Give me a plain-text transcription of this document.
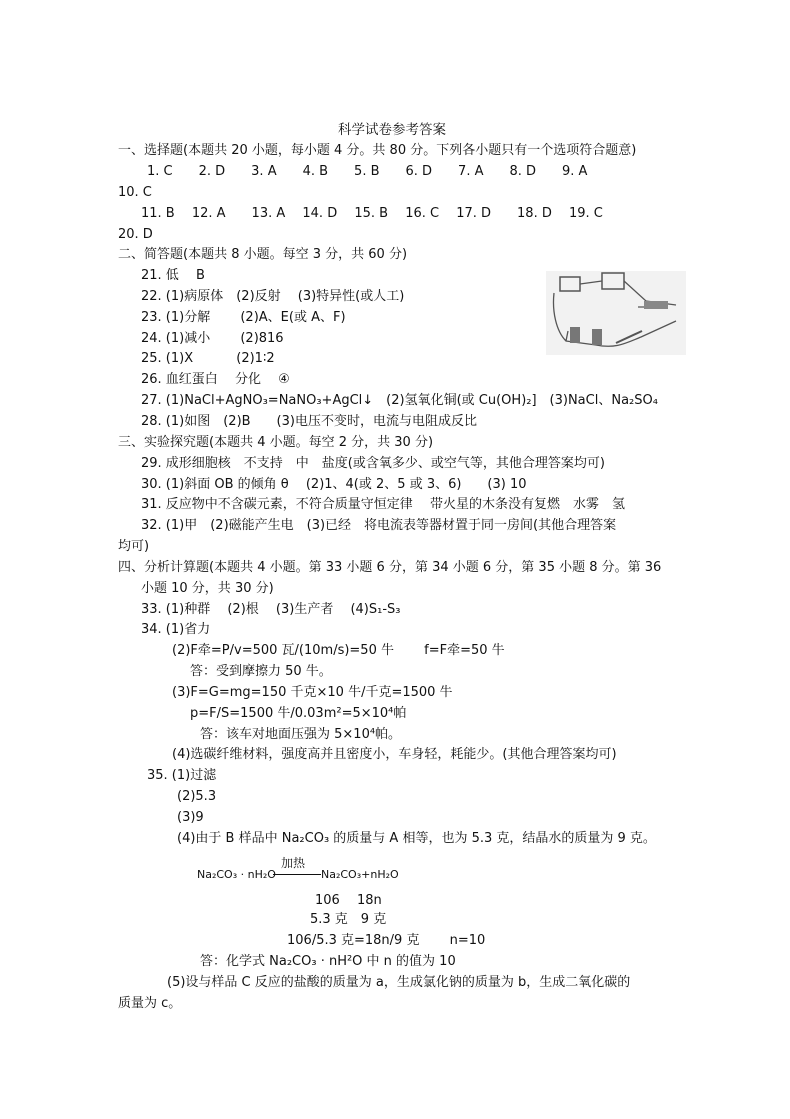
科学试卷参考答案
一、选择题(本题共 20 小题，每小题 4 分。共 80 分。下列各小题只有一个选项符合题意)
1. C　　2. D　　3. A　　4. B　　5. B　　6. D　　7. A　　8. D　　9. A
10. C
11. B　 12. A　　13. A　 14. D　 15. B　 16. C　 17. D　　18. D　 19. C
20. D
二、简答题(本题共 8 小题。每空 3 分，共 60 分)
21. 低　 B
22. (1)病原体　(2)反射　 (3)特异性(或人工)
23. (1)分解　　 (2)A、E(或 A、F)
24. (1)减小　　 (2)816
25. (1)X　　　 (2)1∶2
26. 血红蛋白　 分化　 ④
27. (1)NaCl+AgNO₃=NaNO₃+AgCl↓　(2)氢氧化铜(或 Cu(OH)₂]　(3)NaCl、Na₂SO₄
28. (1)如图　(2)B　　(3)电压不变时，电流与电阻成反比
三、实验探究题(本题共 4 小题。每空 2 分，共 30 分)
29. 成形细胞核　不支持　中　盐度(或含氧多少、或空气等，其他合理答案均可)
30. (1)斜面 OB 的倾角 θ　 (2)1、4(或 2、5 或 3、6)　　(3) 10
31. 反应物中不含碳元素，不符合质量守恒定律　 带火星的木条没有复燃　水雾　氢
32. (1)甲　(2)磁能产生电　(3)已经　将电流表等器材置于同一房间(其他合理答案
均可)
四、分析计算题(本题共 4 小题。第 33 小题 6 分，第 34 小题 6 分，第 35 小题 8 分。第 36
小题 10 分，共 30 分)
33. (1)种群　 (2)根　 (3)生产者　 (4)S₁-S₃
34. (1)省力
(2)F牵=P/v=500 瓦/(10m/s)=50 牛　　 f=F牵=50 牛
答：受到摩擦力 50 牛。
(3)F=G=mg=150 千克×10 牛/千克=1500 牛
p=F/S=1500 牛/0.03m²=5×10⁴帕
答：该车对地面压强为 5×10⁴帕。
(4)选碳纤维材料，强度高并且密度小，车身轻，耗能少。(其他合理答案均可)
35. (1)过滤
(2)5.3
(3)9
(4)由于 B 样品中 Na₂CO₃ 的质量与 A 相等，也为 5.3 克，结晶水的质量为 9 克。
Na₂CO₃ · nH₂O
加热
Na₂CO₃+nH₂O
106　 18n
5.3 克　9 克
106/5.3 克=18n/9 克　　 n=10
答：化学式 Na₂CO₃ · nH²O 中 n 的值为 10
(5)设与样品 C 反应的盐酸的质量为 a，生成氯化钠的质量为 b，生成二氧化碳的
质量为 c。
